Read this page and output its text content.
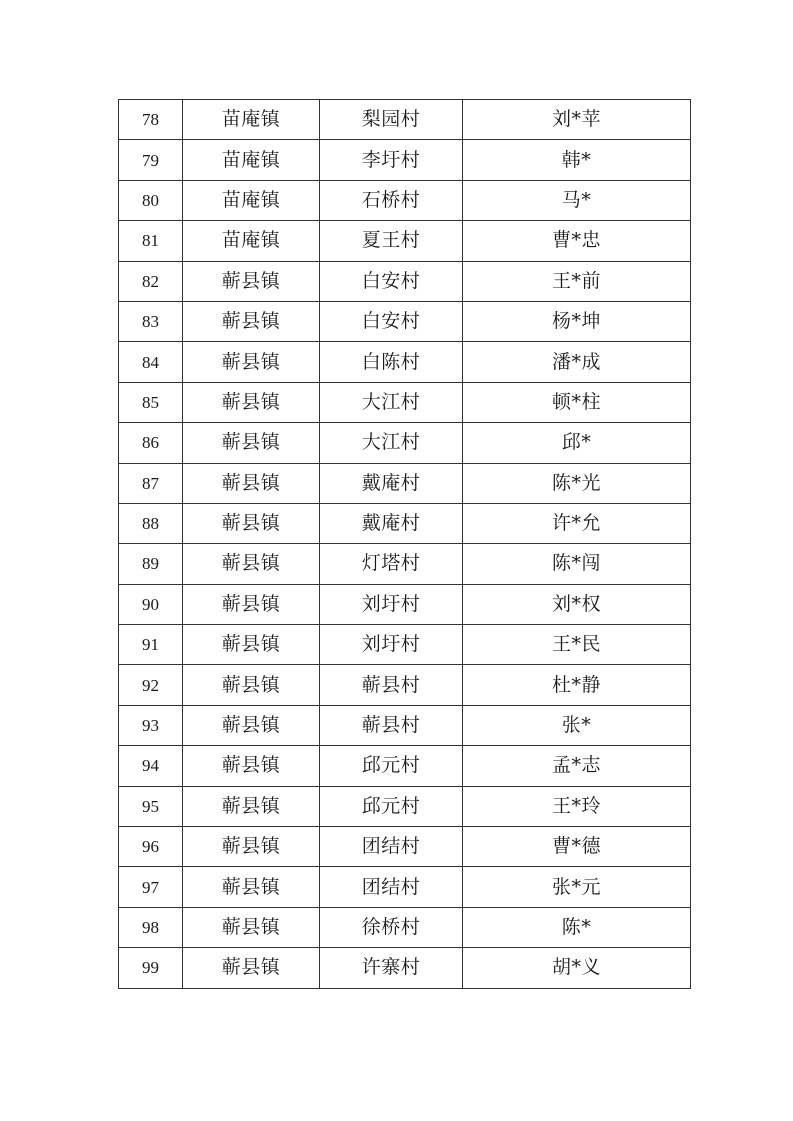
78	苗庵镇	梨园村	刘*苹
79	苗庵镇	李圩村	韩*
80	苗庵镇	石桥村	马*
81	苗庵镇	夏王村	曹*忠
82	蕲县镇	白安村	王*前
83	蕲县镇	白安村	杨*坤
84	蕲县镇	白陈村	潘*成
85	蕲县镇	大江村	顿*柱
86	蕲县镇	大江村	邱*
87	蕲县镇	戴庵村	陈*光
88	蕲县镇	戴庵村	许*允
89	蕲县镇	灯塔村	陈*闯
90	蕲县镇	刘圩村	刘*权
91	蕲县镇	刘圩村	王*民
92	蕲县镇	蕲县村	杜*静
93	蕲县镇	蕲县村	张*
94	蕲县镇	邱元村	孟*志
95	蕲县镇	邱元村	王*玲
96	蕲县镇	团结村	曹*德
97	蕲县镇	团结村	张*元
98	蕲县镇	徐桥村	陈*
99	蕲县镇	许寨村	胡*义
